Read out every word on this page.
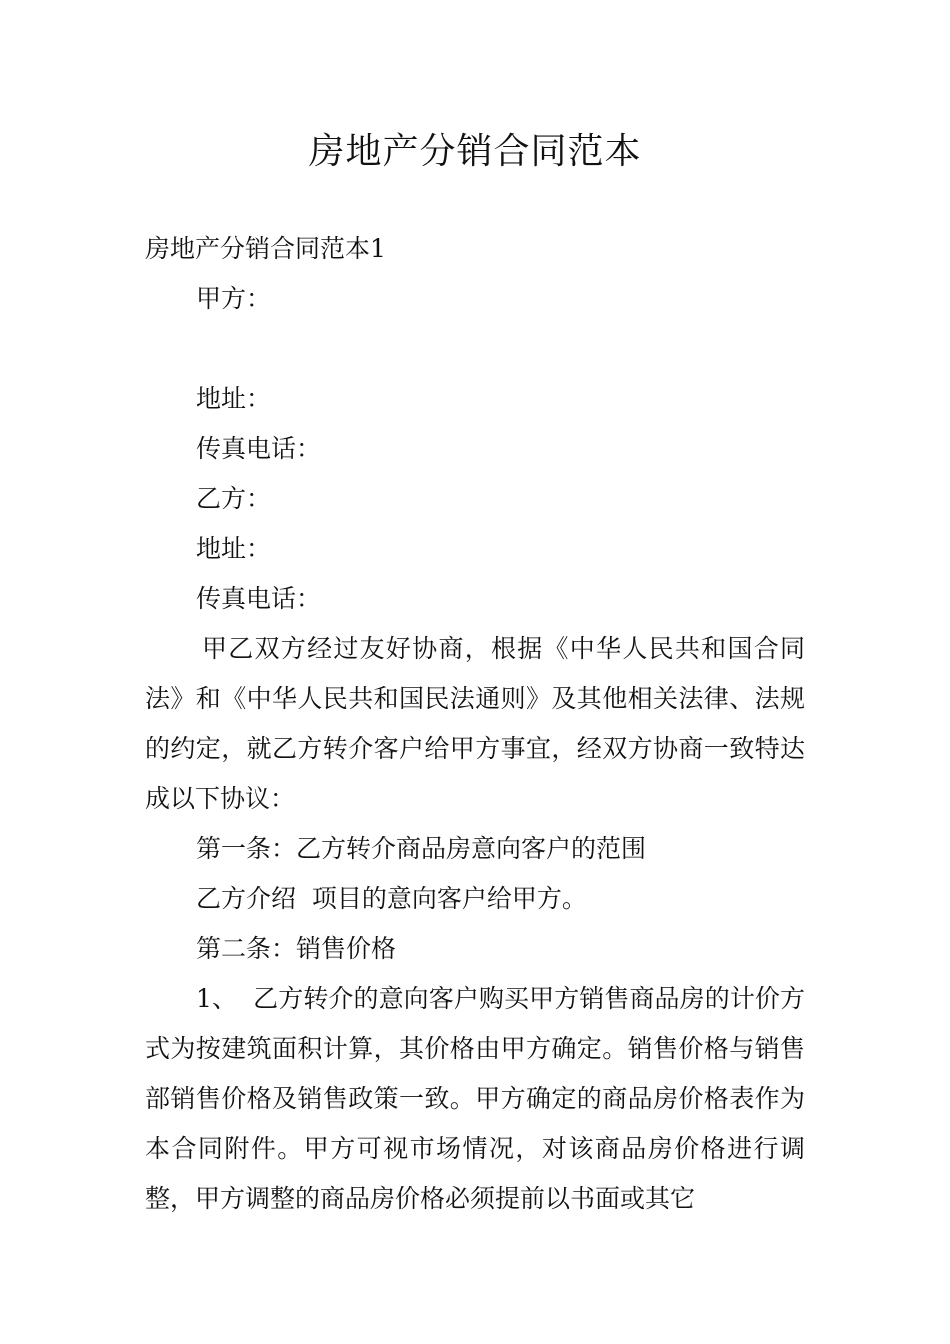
房地产分销合同范本

房地产分销合同范本1

甲方：

地址：

传真电话：

乙方：

地址：

传真电话：

甲乙双方经过友好协商，根据《中华人民共和国合同法》和《中华人民共和国民法通则》及其他相关法律、法规的约定，就乙方转介客户给甲方事宜，经双方协商一致特达成以下协议：

第一条：乙方转介商品房意向客户的范围

乙方介绍  项目的意向客户给甲方。

第二条：销售价格

1、  乙方转介的意向客户购买甲方销售商品房的计价方式为按建筑面积计算，其价格由甲方确定。销售价格与销售部销售价格及销售政策一致。甲方确定的商品房价格表作为本合同附件。甲方可视市场情况，对该商品房价格进行调整，甲方调整的商品房价格必须提前以书面或其它
